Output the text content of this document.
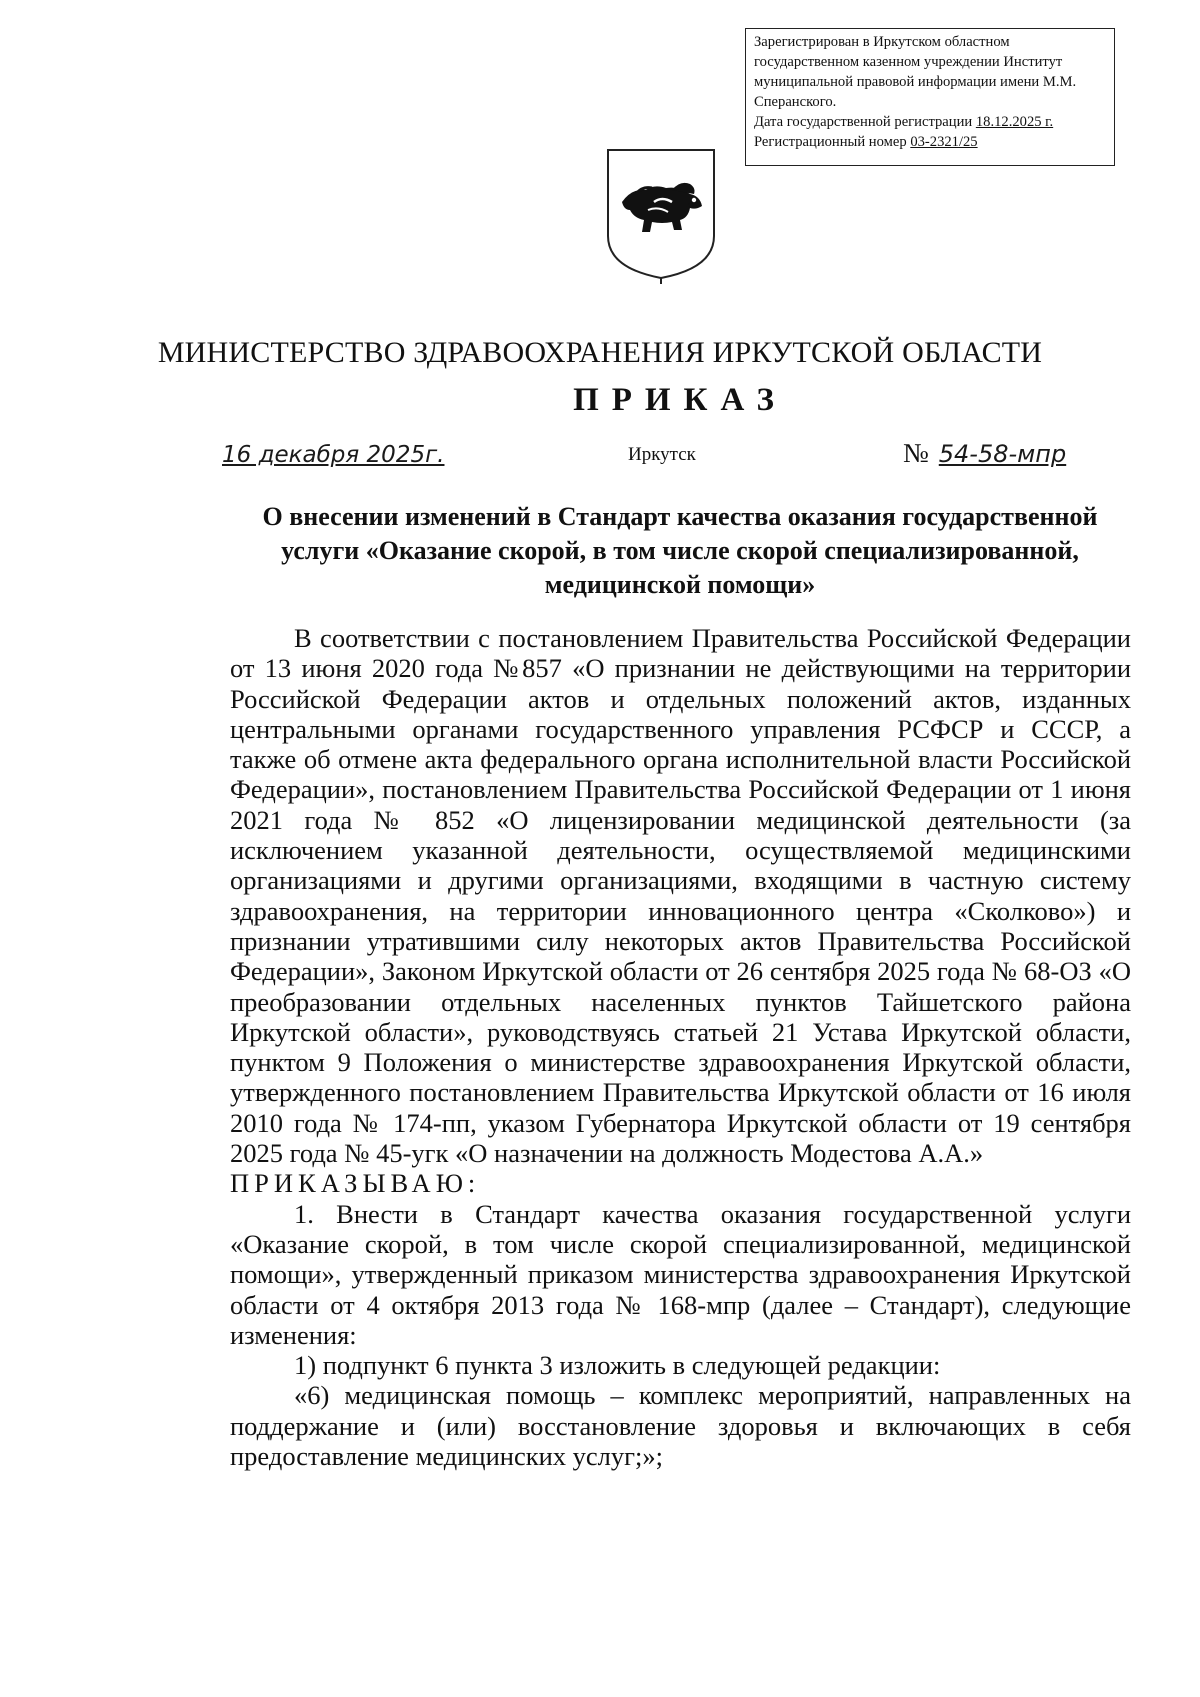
Зарегистрирован в Иркутском областном
государственном казенном учреждении Институт
муниципальной правовой информации имени М.М.
Сперанского.
Дата государственной регистрации 18.12.2025 г.
Регистрационный номер 03-2321/25
МИНИСТЕРСТВО ЗДРАВООХРАНЕНИЯ ИРКУТСКОЙ ОБЛАСТИ
ПРИКАЗ
16 декабря 2025г.	Иркутск	№ 54-58-мпр
О внесении изменений в Стандарт качества оказания государственной услуги «Оказание скорой, в том числе скорой специализированной, медицинской помощи»

В соответствии с постановлением Правительства Российской Федерации от 13 июня 2020 года №857 «О признании не действующими на территории Российской Федерации актов и отдельных положений актов, изданных центральными органами государственного управления РСФСР и СССР, а также об отмене акта федерального органа исполнительной власти Российской Федерации», постановлением Правительства Российской Федерации от 1 июня 2021 года № 852 «О лицензировании медицинской деятельности (за исключением указанной деятельности, осуществляемой медицинскими организациями и другими организациями, входящими в частную систему здравоохранения, на территории инновационного центра «Сколково») и признании утратившими силу некоторых актов Правительства Российской Федерации», Законом Иркутской области от 26 сентября 2025 года № 68-ОЗ «О преобразовании отдельных населенных пунктов Тайшетского района Иркутской области», руководствуясь статьей 21 Устава Иркутской области, пунктом 9 Положения о министерстве здравоохранения Иркутской области, утвержденного постановлением Правительства Иркутской области от 16 июля 2010 года № 174-пп, указом Губернатора Иркутской области от 19 сентября 2025 года № 45-угк «О назначении на должность Модестова А.А.»

ПРИКАЗЫВАЮ:

1. Внести в Стандарт качества оказания государственной услуги «Оказание скорой, в том числе скорой специализированной, медицинской помощи», утвержденный приказом министерства здравоохранения Иркутской области от 4 октября 2013 года № 168-мпр (далее – Стандарт), следующие изменения:

1) подпункт 6 пункта 3 изложить в следующей редакции:

«6) медицинская помощь – комплекс мероприятий, направленных на поддержание и (или) восстановление здоровья и включающих в себя предоставление медицинских услуг;»;
